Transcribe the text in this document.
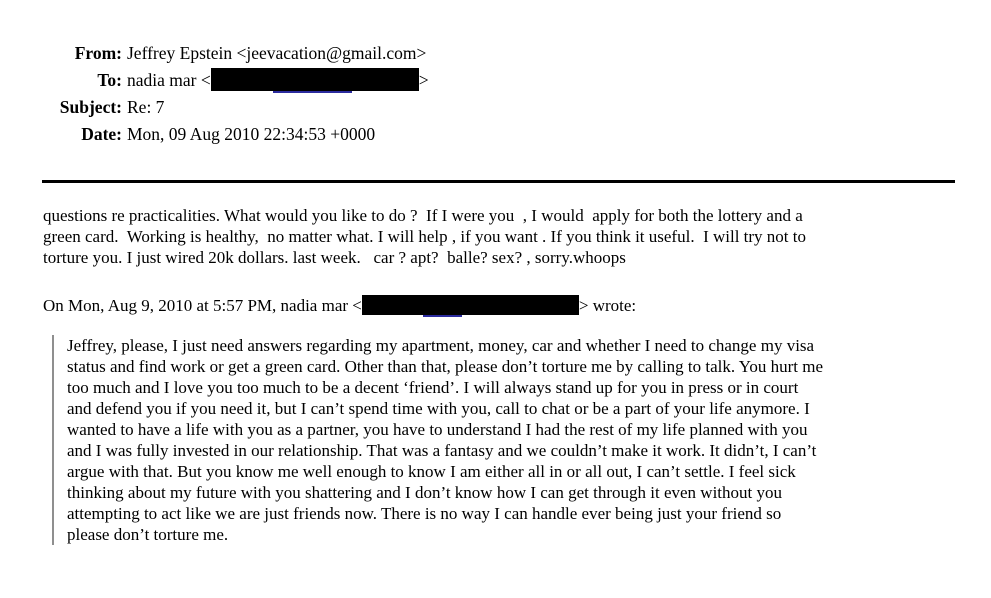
From: Jeffrey Epstein <jeevacation@gmail.com>
To: nadia mar <	>
Subject: Re: 7
Date: Mon, 09 Aug 2010 22:34:53 +0000
questions re practicalities. What would you like to do ?  If I were you  , I would  apply for both the lottery and a
green card.  Working is healthy,  no matter what. I will help , if you want . If you think it useful.  I will try not to
torture you. I just wired 20k dollars. last week.   car ? apt?  balle? sex? , sorry.whoops
On Mon, Aug 9, 2010 at 5:57 PM, nadia mar <	> wrote:
Jeffrey, please, I just need answers regarding my apartment, money, car and whether I need to change my visa
status and find work or get a green card. Other than that, please don’t torture me by calling to talk. You hurt me
too much and I love you too much to be a decent ‘friend’. I will always stand up for you in press or in court
and defend you if you need it, but I can’t spend time with you, call to chat or be a part of your life anymore. I
wanted to have a life with you as a partner, you have to understand I had the rest of my life planned with you
and I was fully invested in our relationship. That was a fantasy and we couldn’t make it work. It didn’t, I can’t
argue with that. But you know me well enough to know I am either all in or all out, I can’t settle. I feel sick
thinking about my future with you shattering and I don’t know how I can get through it even without you
attempting to act like we are just friends now. There is no way I can handle ever being just your friend so
please don’t torture me.
